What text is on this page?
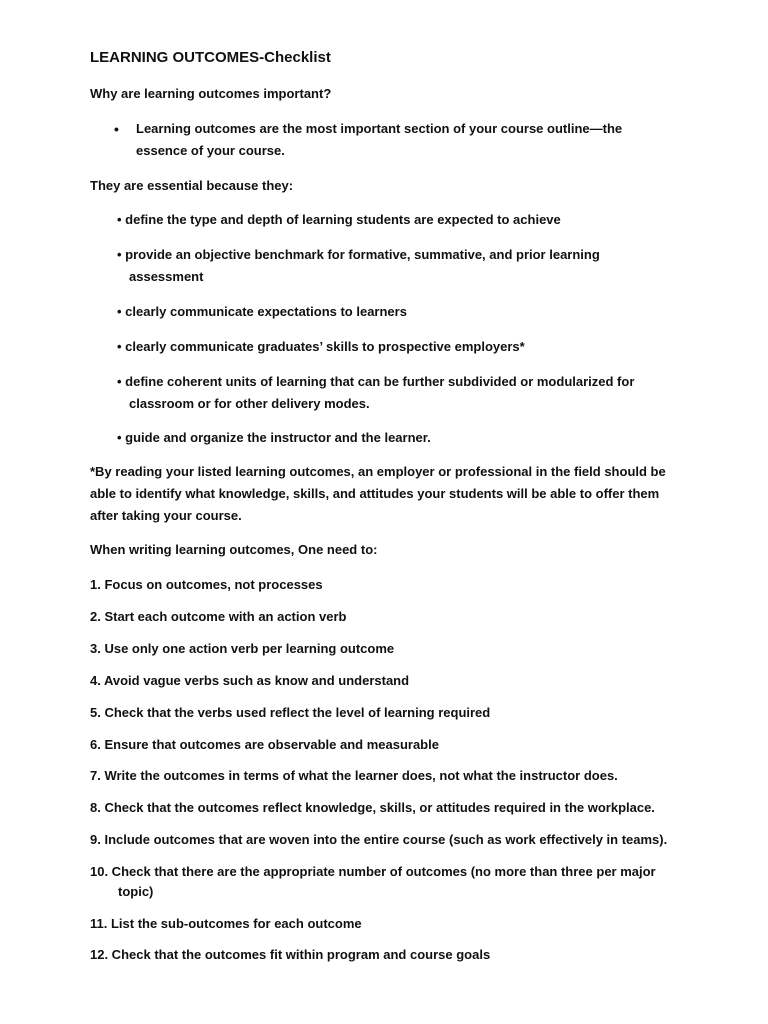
LEARNING OUTCOMES-Checklist
Why are learning outcomes important?
• Learning outcomes are the most important section of your course outline—the
essence of your course.
They are essential because they:
• define the type and depth of learning students are expected to achieve
• provide an objective benchmark for formative, summative, and prior learning
assessment
• clearly communicate expectations to learners
• clearly communicate graduates’ skills to prospective employers*
• define coherent units of learning that can be further subdivided or modularized for
classroom or for other delivery modes.
• guide and organize the instructor and the learner.
*By reading your listed learning outcomes, an employer or professional in the field should be
able to identify what knowledge, skills, and attitudes your students will be able to offer them
after taking your course.
When writing learning outcomes, One need to:
1. Focus on outcomes, not processes
2. Start each outcome with an action verb
3. Use only one action verb per learning outcome
4. Avoid vague verbs such as know and understand
5. Check that the verbs used reflect the level of learning required
6. Ensure that outcomes are observable and measurable
7. Write the outcomes in terms of what the learner does, not what the instructor does.
8. Check that the outcomes reflect knowledge, skills, or attitudes required in the workplace.
9. Include outcomes that are woven into the entire course (such as work effectively in teams).
10. Check that there are the appropriate number of outcomes (no more than three per major
topic)
11. List the sub-outcomes for each outcome
12. Check that the outcomes fit within program and course goals
